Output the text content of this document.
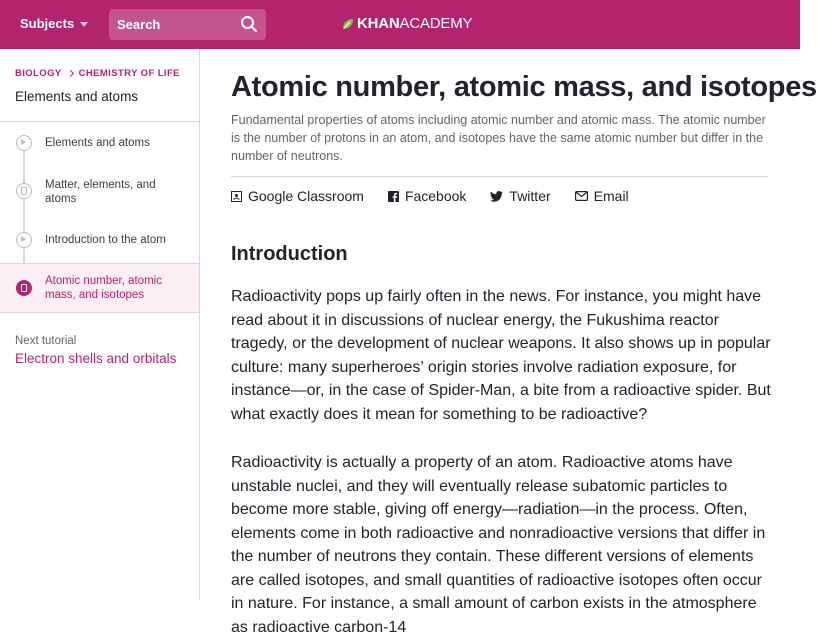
Subjects
Search	KHANACADEMY
BIOLOGY CHEMISTRY OF LIFE
Elements and atoms
Elements and atoms
Matter, elements, and atoms
Introduction to the atom
Atomic number, atomic mass, and isotopes
Next tutorial
Electron shells and orbitals
Atomic number, atomic mass, and isotopes

Fundamental properties of atoms including atomic number and atomic mass. The atomic number is the number of protons in an atom, and isotopes have the same atomic number but differ in the number of neutrons.

Google Classroom	Facebook	Twitter	Email
Introduction

Radioactivity pops up fairly often in the news. For instance, you might have read about it in discussions of nuclear energy, the Fukushima reactor tragedy, or the development of nuclear weapons. It also shows up in popular culture: many superheroes’ origin stories involve radiation exposure, for instance—or, in the case of Spider-Man, a bite from a radioactive spider. But what exactly does it mean for something to be radioactive?

Radioactivity is actually a property of an atom. Radioactive atoms have unstable nuclei, and they will eventually release subatomic particles to become more stable, giving off energy—radiation—in the process. Often, elements come in both radioactive and nonradioactive versions that differ in the number of neutrons they contain. These different versions of elements are called isotopes, and small quantities of radioactive isotopes often occur in nature. For instance, a small amount of carbon exists in the atmosphere as radioactive carbon-14
